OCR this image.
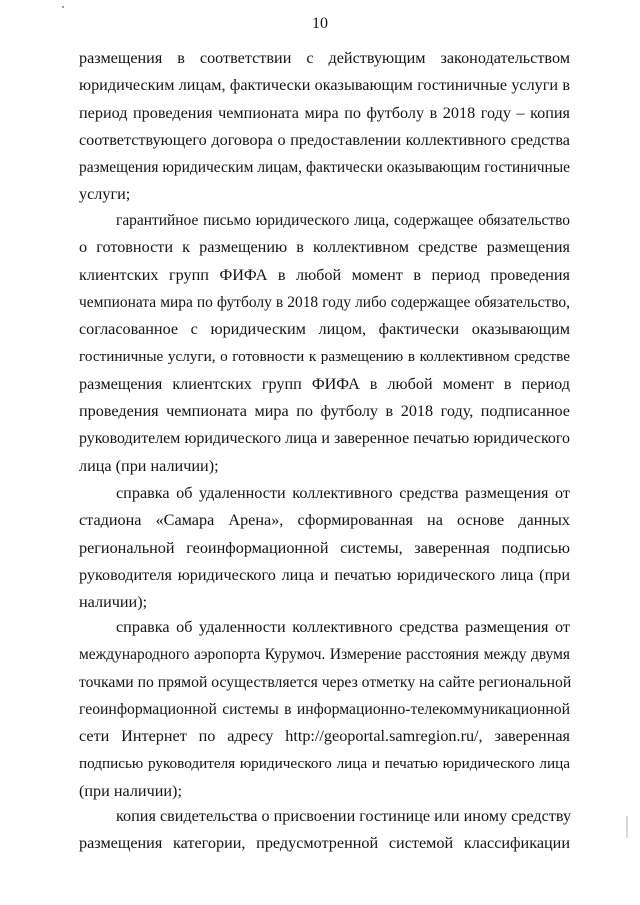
10
размещения в соответствии с действующим законодательством
юридическим лицам, фактически оказывающим гостиничные услуги в
период проведения чемпионата мира по футболу в 2018 году – копия
соответствующего договора о предоставлении коллективного средства
размещения юридическим лицам, фактически оказывающим гостиничные
услуги;
гарантийное письмо юридического лица, содержащее обязательство
о готовности к размещению в коллективном средстве размещения
клиентских групп ФИФА в любой момент в период проведения
чемпионата мира по футболу в 2018 году либо содержащее обязательство,
согласованное с юридическим лицом, фактически оказывающим
гостиничные услуги, о готовности к размещению в коллективном средстве
размещения клиентских групп ФИФА в любой момент в период
проведения чемпионата мира по футболу в 2018 году, подписанное
руководителем юридического лица и заверенное печатью юридического
лица (при наличии);
справка об удаленности коллективного средства размещения от
стадиона «Самара Арена», сформированная на основе данных
региональной геоинформационной системы, заверенная подписью
руководителя юридического лица и печатью юридического лица (при
наличии);
справка об удаленности коллективного средства размещения от
международного аэропорта Курумоч. Измерение расстояния между двумя
точками по прямой осуществляется через отметку на сайте региональной
геоинформационной системы в информационно-телекоммуникационной
сети Интернет по адресу http://geoportal.samregion.ru/, заверенная
подписью руководителя юридического лица и печатью юридического лица
(при наличии);
копия свидетельства о присвоении гостинице или иному средству
размещения категории, предусмотренной системой классификации
